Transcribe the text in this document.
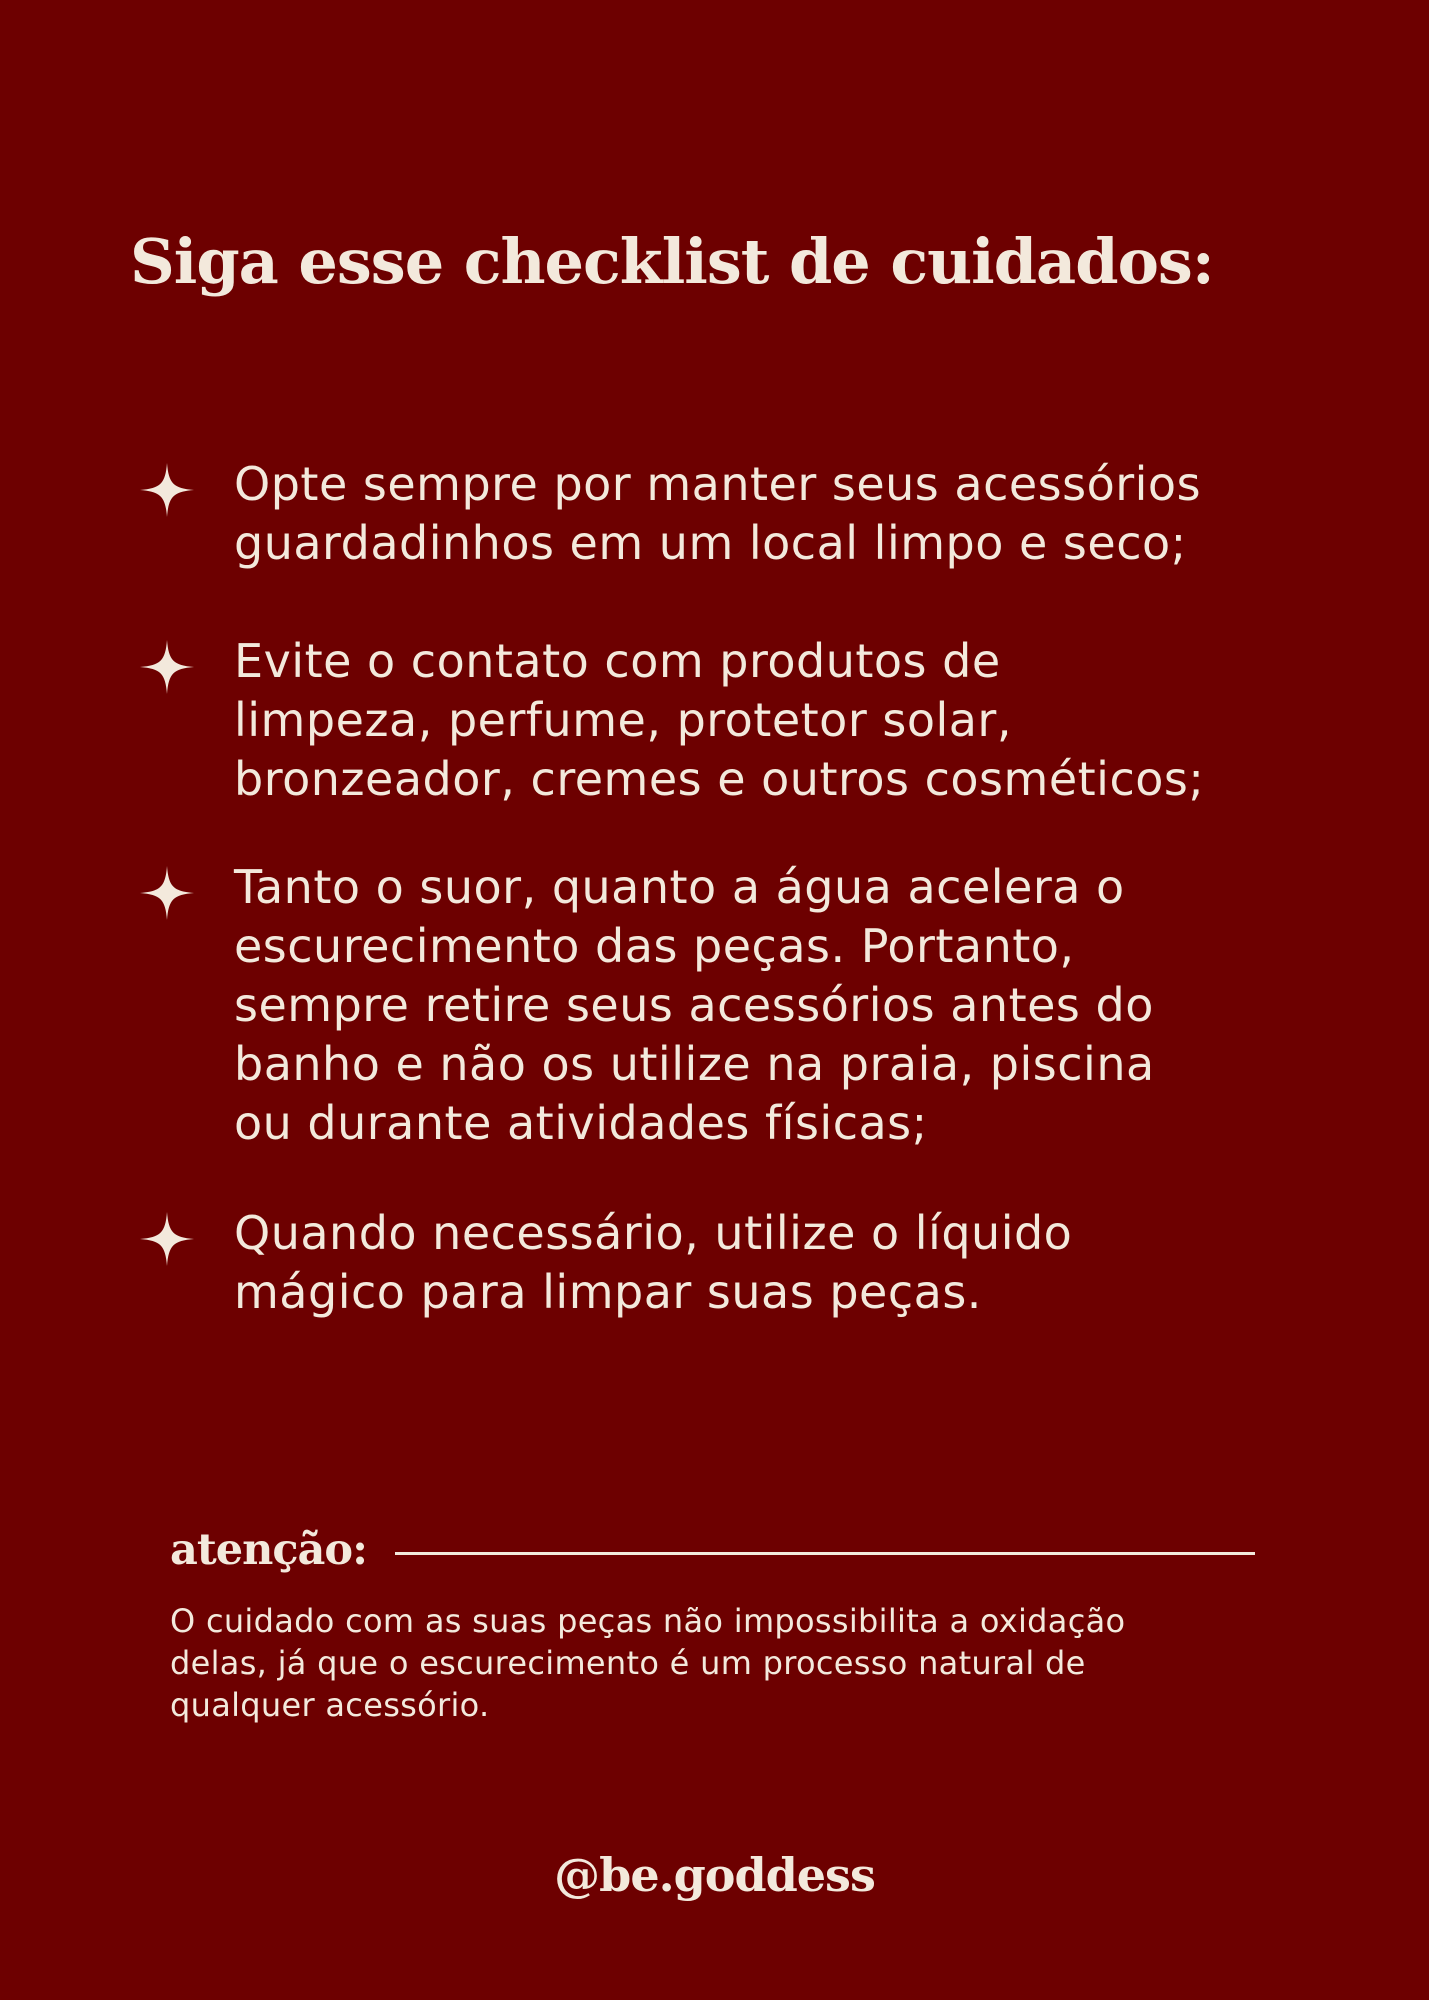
Siga esse checklist de cuidados:
Opte sempre por manter seus acessórios
guardadinhos em um local limpo e seco;
Evite o contato com produtos de
limpeza, perfume, protetor solar,
bronzeador, cremes e outros cosméticos;
Tanto o suor, quanto a água acelera o
escurecimento das peças. Portanto,
sempre retire seus acessórios antes do
banho e não os utilize na praia, piscina
ou durante atividades físicas;
Quando necessário, utilize o líquido
mágico para limpar suas peças.
atenção:
O cuidado com as suas peças não impossibilita a oxidação
delas, já que o escurecimento é um processo natural de
qualquer acessório.
@be.goddess
